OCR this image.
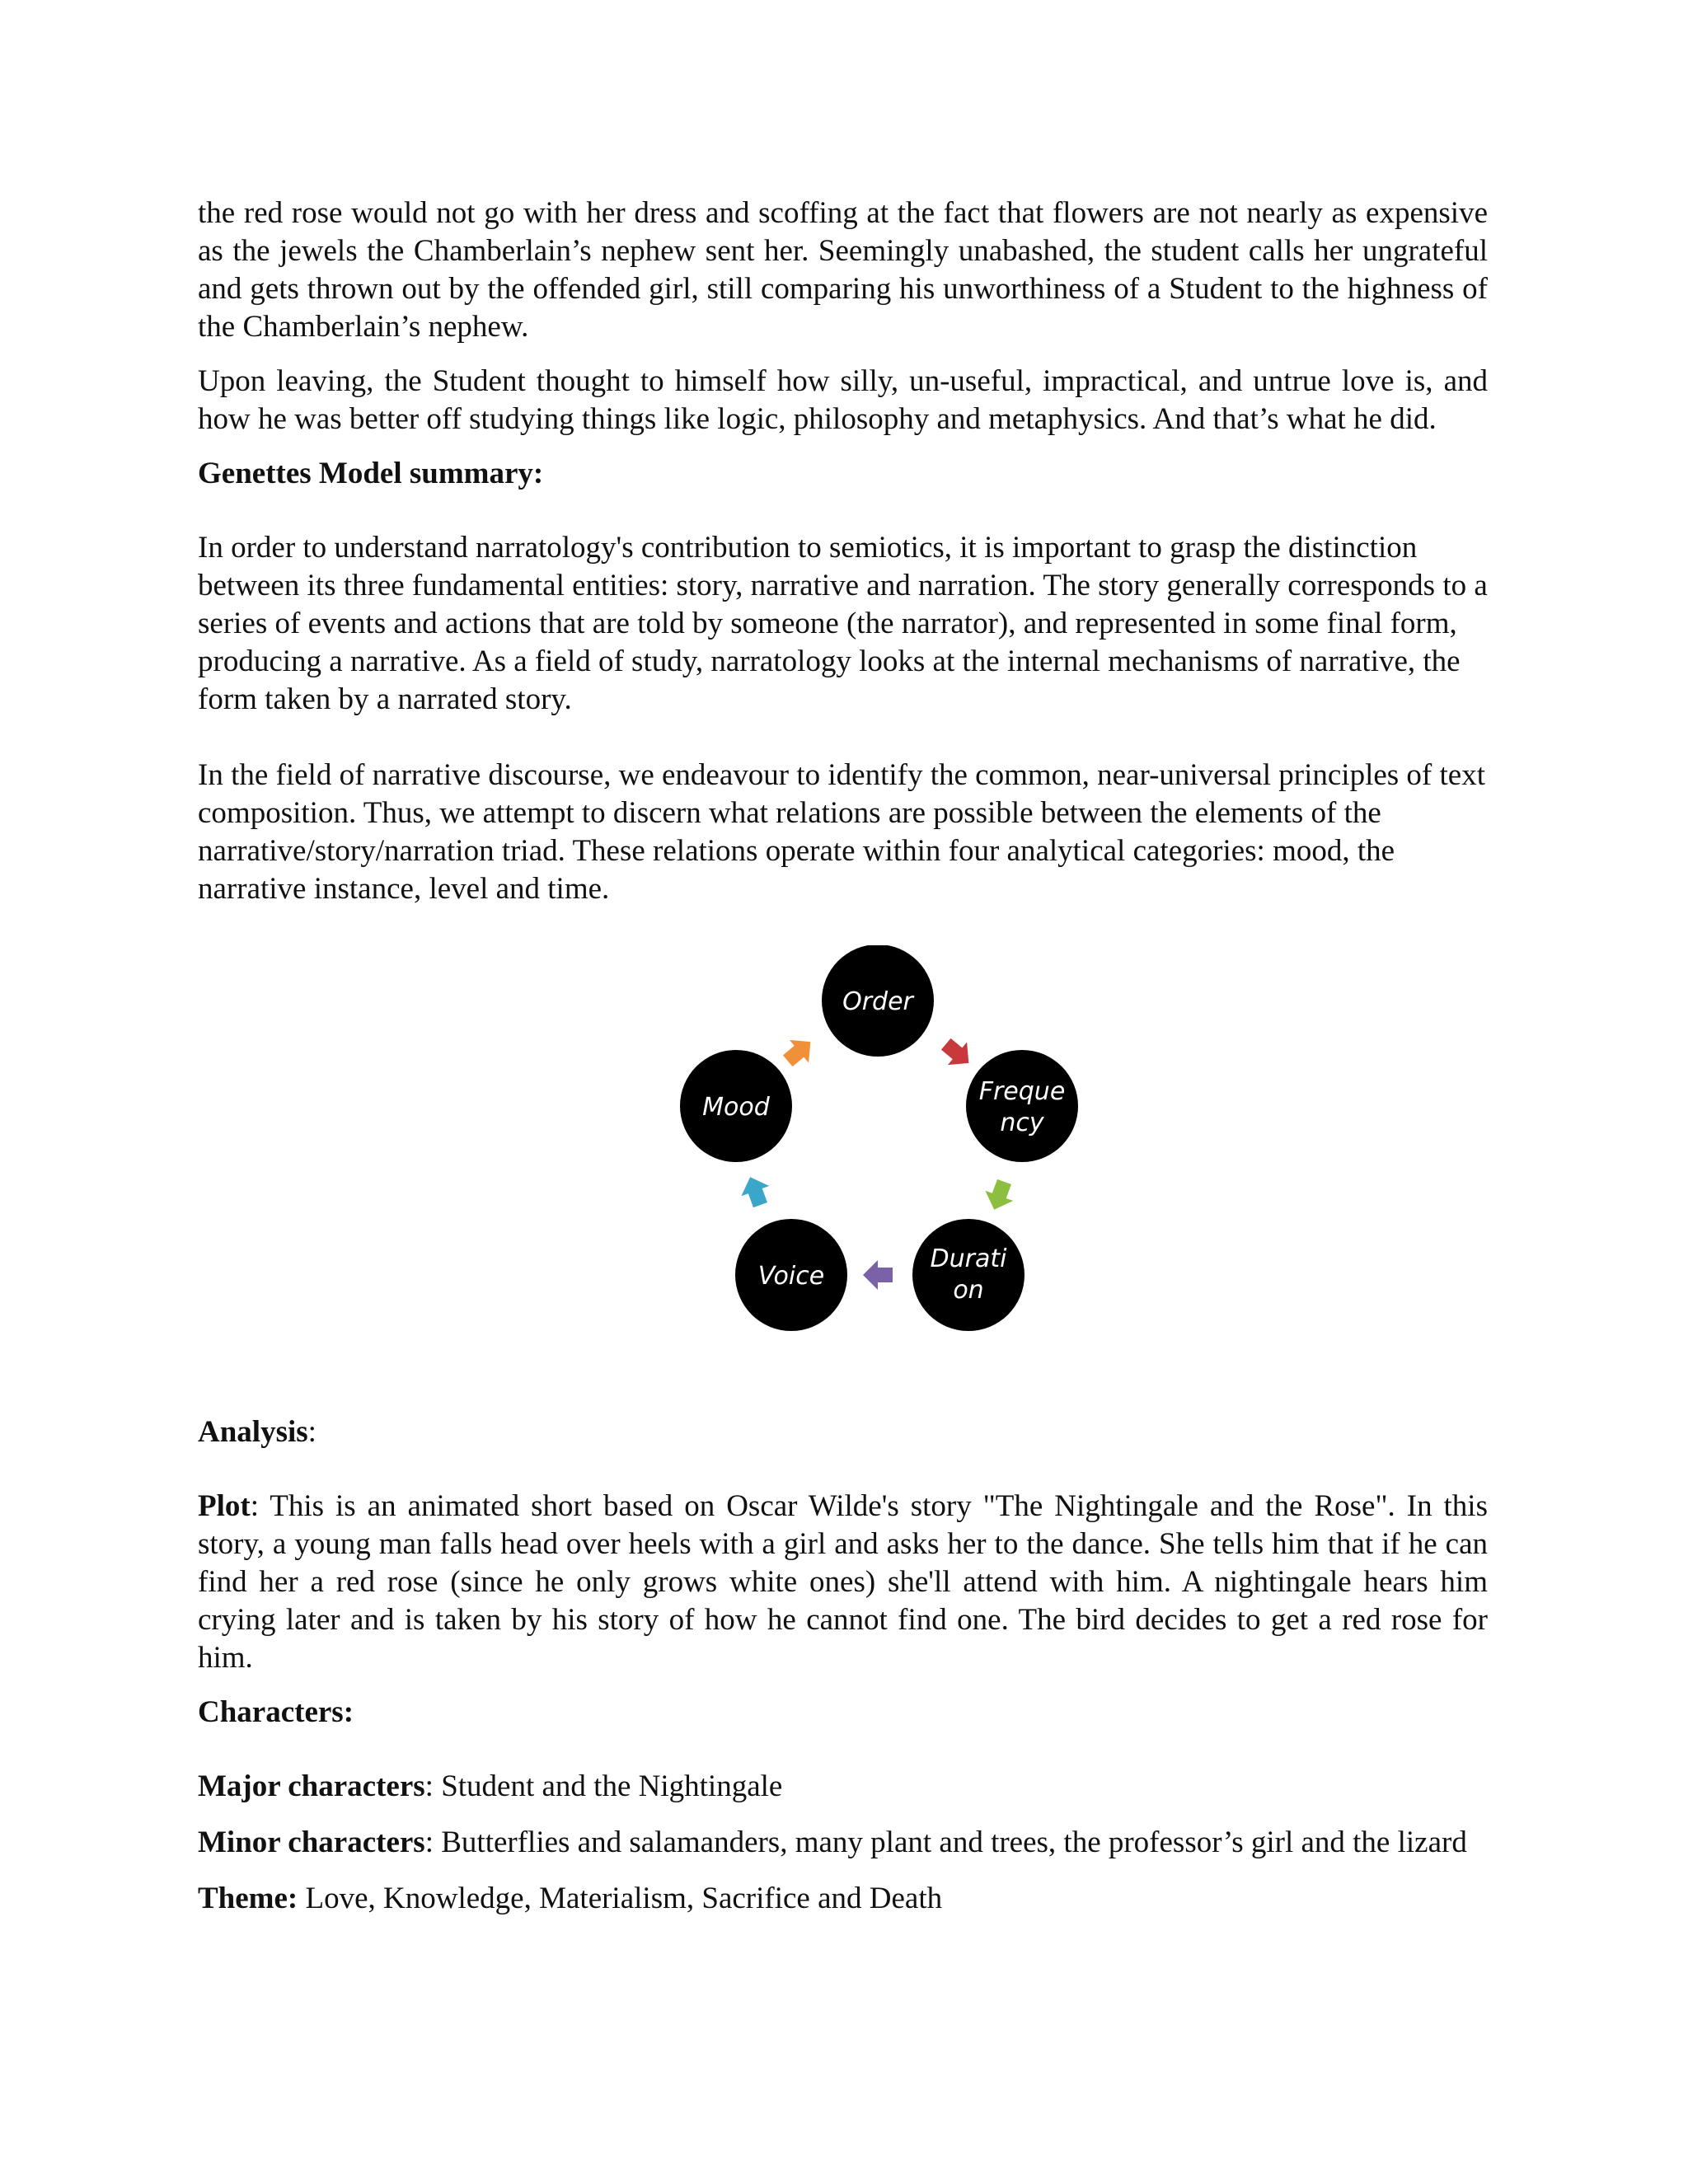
the red rose would not go with her dress and scoffing at the fact that flowers are not nearly as expensive as the jewels the Chamberlain’s nephew sent her. Seemingly unabashed, the student calls her ungrateful and gets thrown out by the offended girl, still comparing his unworthiness of a Student to the highness of the Chamberlain’s nephew.

Upon leaving, the Student thought to himself how silly, un-useful, impractical, and untrue love is, and how he was better off studying things like logic, philosophy and metaphysics. And that’s what he did.

Genettes Model summary:

In order to understand narratology's contribution to semiotics, it is important to grasp the distinction between its three fundamental entities: story, narrative and narration. The story generally corresponds to a series of events and actions that are told by someone (the narrator), and represented in some final form, producing a narrative. As a field of study, narratology looks at the internal mechanisms of narrative, the form taken by a narrated story.

In the field of narrative discourse, we endeavour to identify the common, near-universal principles of text composition. Thus, we attempt to discern what relations are possible between the elements of the narrative/story/narration triad. These relations operate within four analytical categories: mood, the narrative instance, level and time.

Order
Freque
ncy
Durati
on
Voice
Mood

Analysis:

Plot: This is an animated short based on Oscar Wilde's story "The Nightingale and the Rose". In this story, a young man falls head over heels with a girl and asks her to the dance. She tells him that if he can find her a red rose (since he only grows white ones) she'll attend with him. A nightingale hears him crying later and is taken by his story of how he cannot find one. The bird decides to get a red rose for him.

Characters:

Major characters: Student and the Nightingale

Minor characters: Butterflies and salamanders, many plant and trees, the professor’s girl and the lizard

Theme: Love, Knowledge, Materialism, Sacrifice and Death
